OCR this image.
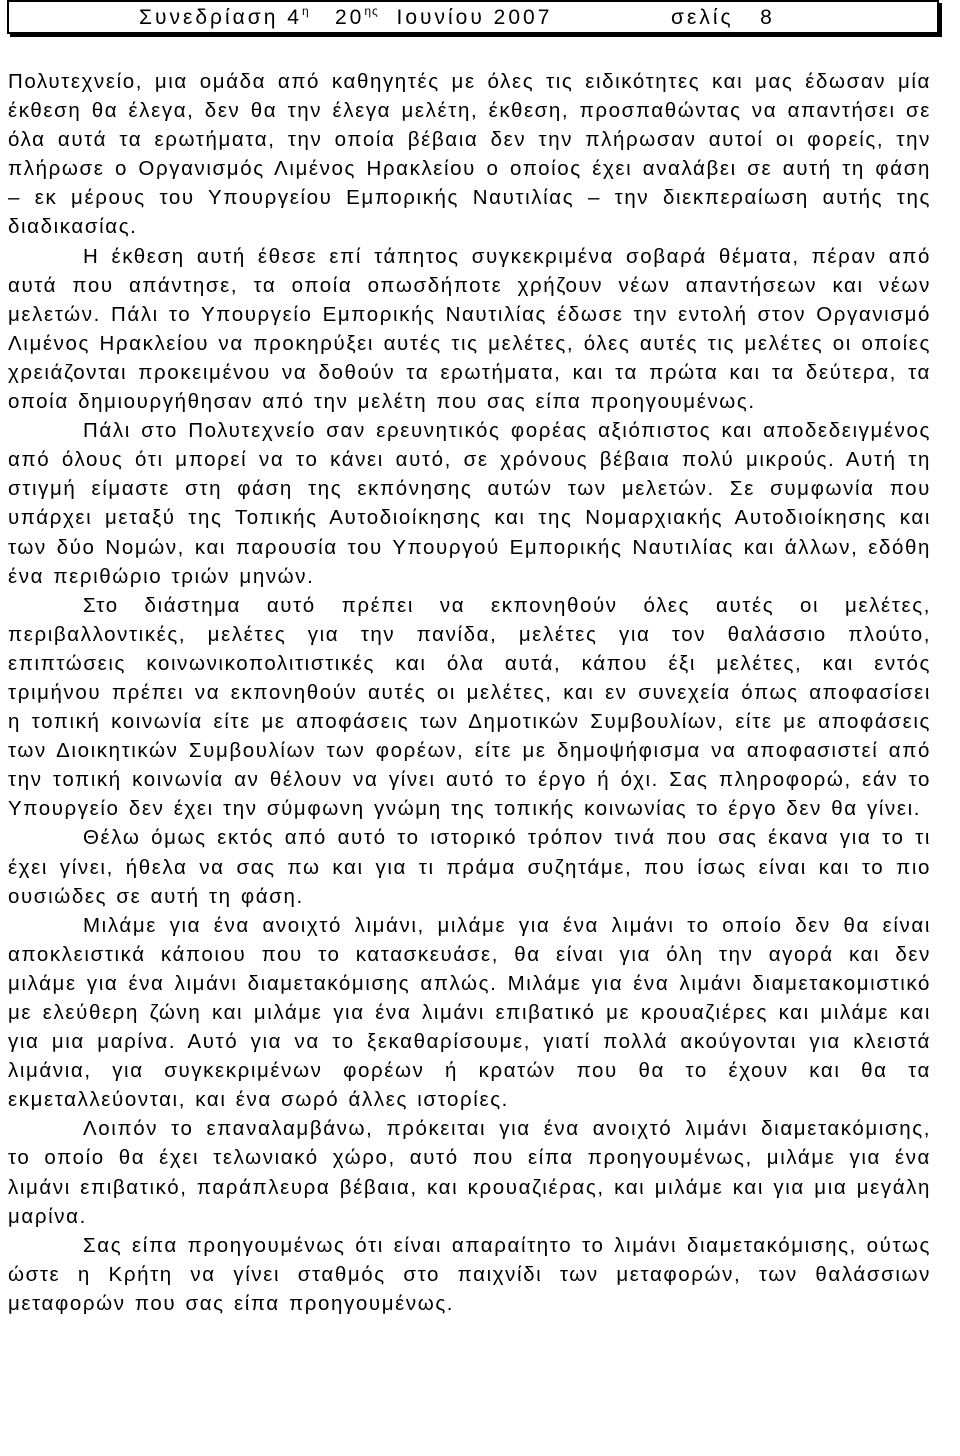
Συνεδρίαση $4^\eta$ $20^{\eta\varsigma}$ Ιουνίου 2007	σελίς 8

Πολυτεχνείο, μια ομάδα από καθηγητές με όλες τις ειδικότητες και μας έδωσαν μία έκθεση θα έλεγα, δεν θα την έλεγα μελέτη, έκθεση, προσπαθώντας να απαντήσει σε όλα αυτά τα ερωτήματα, την οποία βέβαια δεν την πλήρωσαν αυτοί οι φορείς, την πλήρωσε ο Οργανισμός Λιμένος Ηρακλείου ο οποίος έχει αναλάβει σε αυτή τη φάση – εκ μέρους του Υπουργείου Εμπορικής Ναυτιλίας – την διεκπεραίωση αυτής της διαδικασίας.

Η έκθεση αυτή έθεσε επί τάπητος συγκεκριμένα σοβαρά θέματα, πέραν από αυτά που απάντησε, τα οποία οπωσδήποτε χρήζουν νέων απαντήσεων και νέων μελετών. Πάλι το Υπουργείο Εμπορικής Ναυτιλίας έδωσε την εντολή στον Οργανισμό Λιμένος Ηρακλείου να προκηρύξει αυτές τις μελέτες, όλες αυτές τις μελέτες οι οποίες χρειάζονται προκειμένου να δοθούν τα ερωτήματα, και τα πρώτα και τα δεύτερα, τα οποία δημιουργήθησαν από την μελέτη που σας είπα προηγουμένως.

Πάλι στο Πολυτεχνείο σαν ερευνητικός φορέας αξιόπιστος και αποδεδειγμένος από όλους ότι μπορεί να το κάνει αυτό, σε χρόνους βέβαια πολύ μικρούς. Αυτή τη στιγμή είμαστε στη φάση της εκπόνησης αυτών των μελετών. Σε συμφωνία που υπάρχει μεταξύ της Τοπικής Αυτοδιοίκησης και της Νομαρχιακής Αυτοδιοίκησης και των δύο Νομών, και παρουσία του Υπουργού Εμπορικής Ναυτιλίας και άλλων, εδόθη ένα περιθώριο τριών μηνών.

Στο διάστημα αυτό πρέπει να εκπονηθούν όλες αυτές οι μελέτες, περιβαλλοντικές, μελέτες για την πανίδα, μελέτες για τον θαλάσσιο πλούτο, επιπτώσεις κοινωνικοπολιτιστικές και όλα αυτά, κάπου έξι μελέτες, και εντός τριμήνου πρέπει να εκπονηθούν αυτές οι μελέτες, και εν συνεχεία όπως αποφασίσει η τοπική κοινωνία είτε με αποφάσεις των Δημοτικών Συμβουλίων, είτε με αποφάσεις των Διοικητικών Συμβουλίων των φορέων, είτε με δημοψήφισμα να αποφασιστεί από την τοπική κοινωνία αν θέλουν να γίνει αυτό το έργο ή όχι. Σας πληροφορώ, εάν το Υπουργείο δεν έχει την σύμφωνη γνώμη της τοπικής κοινωνίας το έργο δεν θα γίνει.

Θέλω όμως εκτός από αυτό το ιστορικό τρόπον τινά που σας έκανα για το τι έχει γίνει, ήθελα να σας πω και για τι πράμα συζητάμε, που ίσως είναι και το πιο ουσιώδες σε αυτή τη φάση.

Μιλάμε για ένα ανοιχτό λιμάνι, μιλάμε για ένα λιμάνι το οποίο δεν θα είναι αποκλειστικά κάποιου που το κατασκευάσε, θα είναι για όλη την αγορά και δεν μιλάμε για ένα λιμάνι διαμετακόμισης απλώς. Μιλάμε για ένα λιμάνι διαμετακομιστικό με ελεύθερη ζώνη και μιλάμε για ένα λιμάνι επιβατικό με κρουαζιέρες και μιλάμε και για μια μαρίνα. Αυτό για να το ξεκαθαρίσουμε, γιατί πολλά ακούγονται για κλειστά λιμάνια, για συγκεκριμένων φορέων ή κρατών που θα το έχουν και θα τα εκμεταλλεύονται, και ένα σωρό άλλες ιστορίες.

Λοιπόν το επαναλαμβάνω, πρόκειται για ένα ανοιχτό λιμάνι διαμετακόμισης, το οποίο θα έχει τελωνιακό χώρο, αυτό που είπα προηγουμένως, μιλάμε για ένα λιμάνι επιβατικό, παράπλευρα βέβαια, και κρουαζιέρας, και μιλάμε και για μια μεγάλη μαρίνα.

Σας είπα προηγουμένως ότι είναι απαραίτητο το λιμάνι διαμετακόμισης, ούτως ώστε η Κρήτη να γίνει σταθμός στο παιχνίδι των μεταφορών, των θαλάσσιων μεταφορών που σας είπα προηγουμένως.
